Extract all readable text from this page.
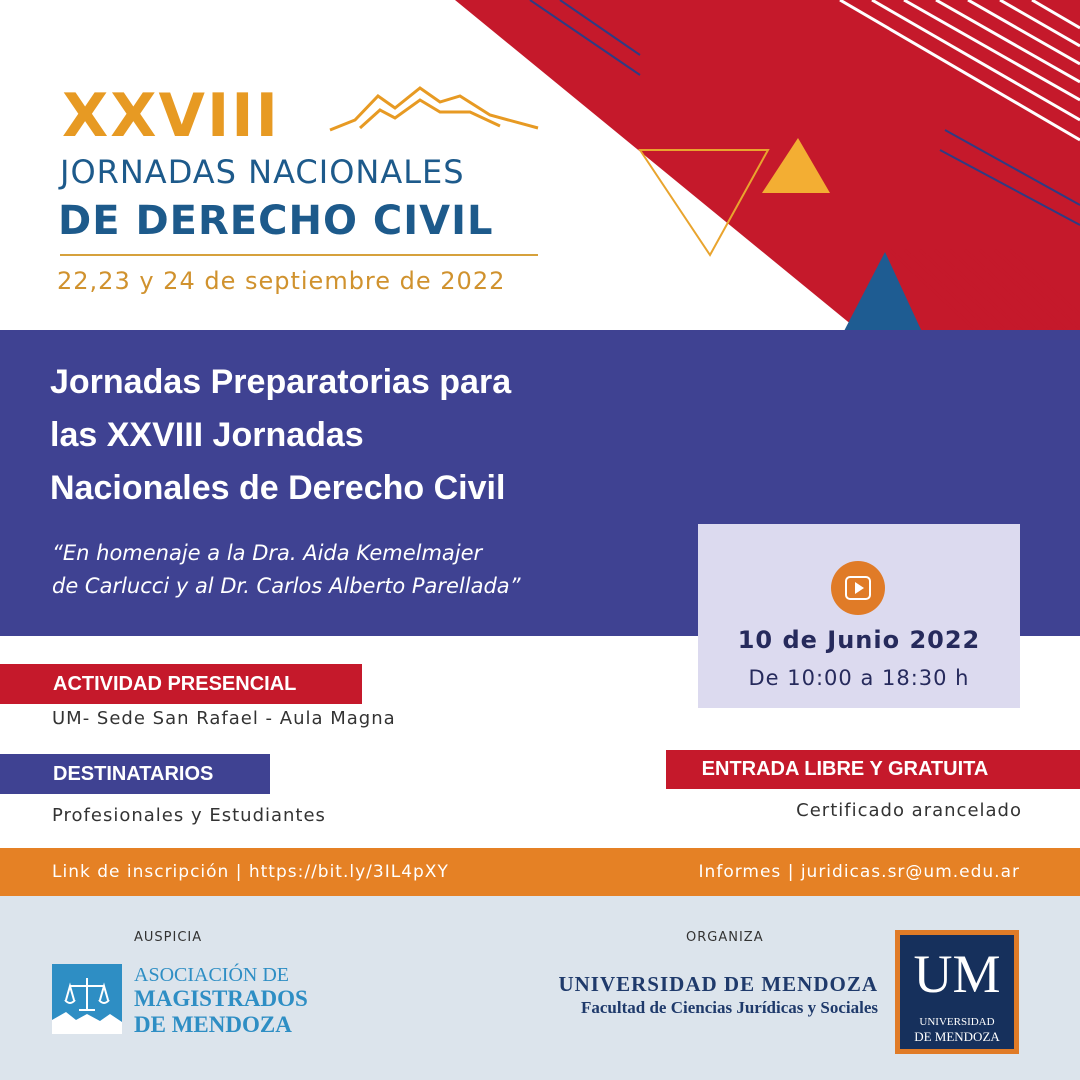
XXVIII
JORNADAS NACIONALES
DE DERECHO CIVIL
22,23 y 24 de septiembre de 2022
Jornadas Preparatorias para
las XXVIII Jornadas
Nacionales de Derecho Civil
“En homenaje a la Dra. Aida Kemelmajer
de Carlucci y al Dr. Carlos Alberto Parellada”
10 de Junio 2022
De 10:00 a 18:30 h
ACTIVIDAD PRESENCIAL
UM- Sede San Rafael - Aula Magna
DESTINATARIOS
Profesionales y Estudiantes
ENTRADA LIBRE Y GRATUITA
Certificado arancelado
Link de inscripción | https://bit.ly/3IL4pXY	Informes | juridicas.sr@um.edu.ar
AUSPICIA	ORGANIZA
ASOCIACIÓN DE
MAGISTRADOS
DE MENDOZA
UNIVERSIDAD DE MENDOZA
Facultad de Ciencias Jurídicas y Sociales
UM
UNIVERSIDAD
DE MENDOZA
